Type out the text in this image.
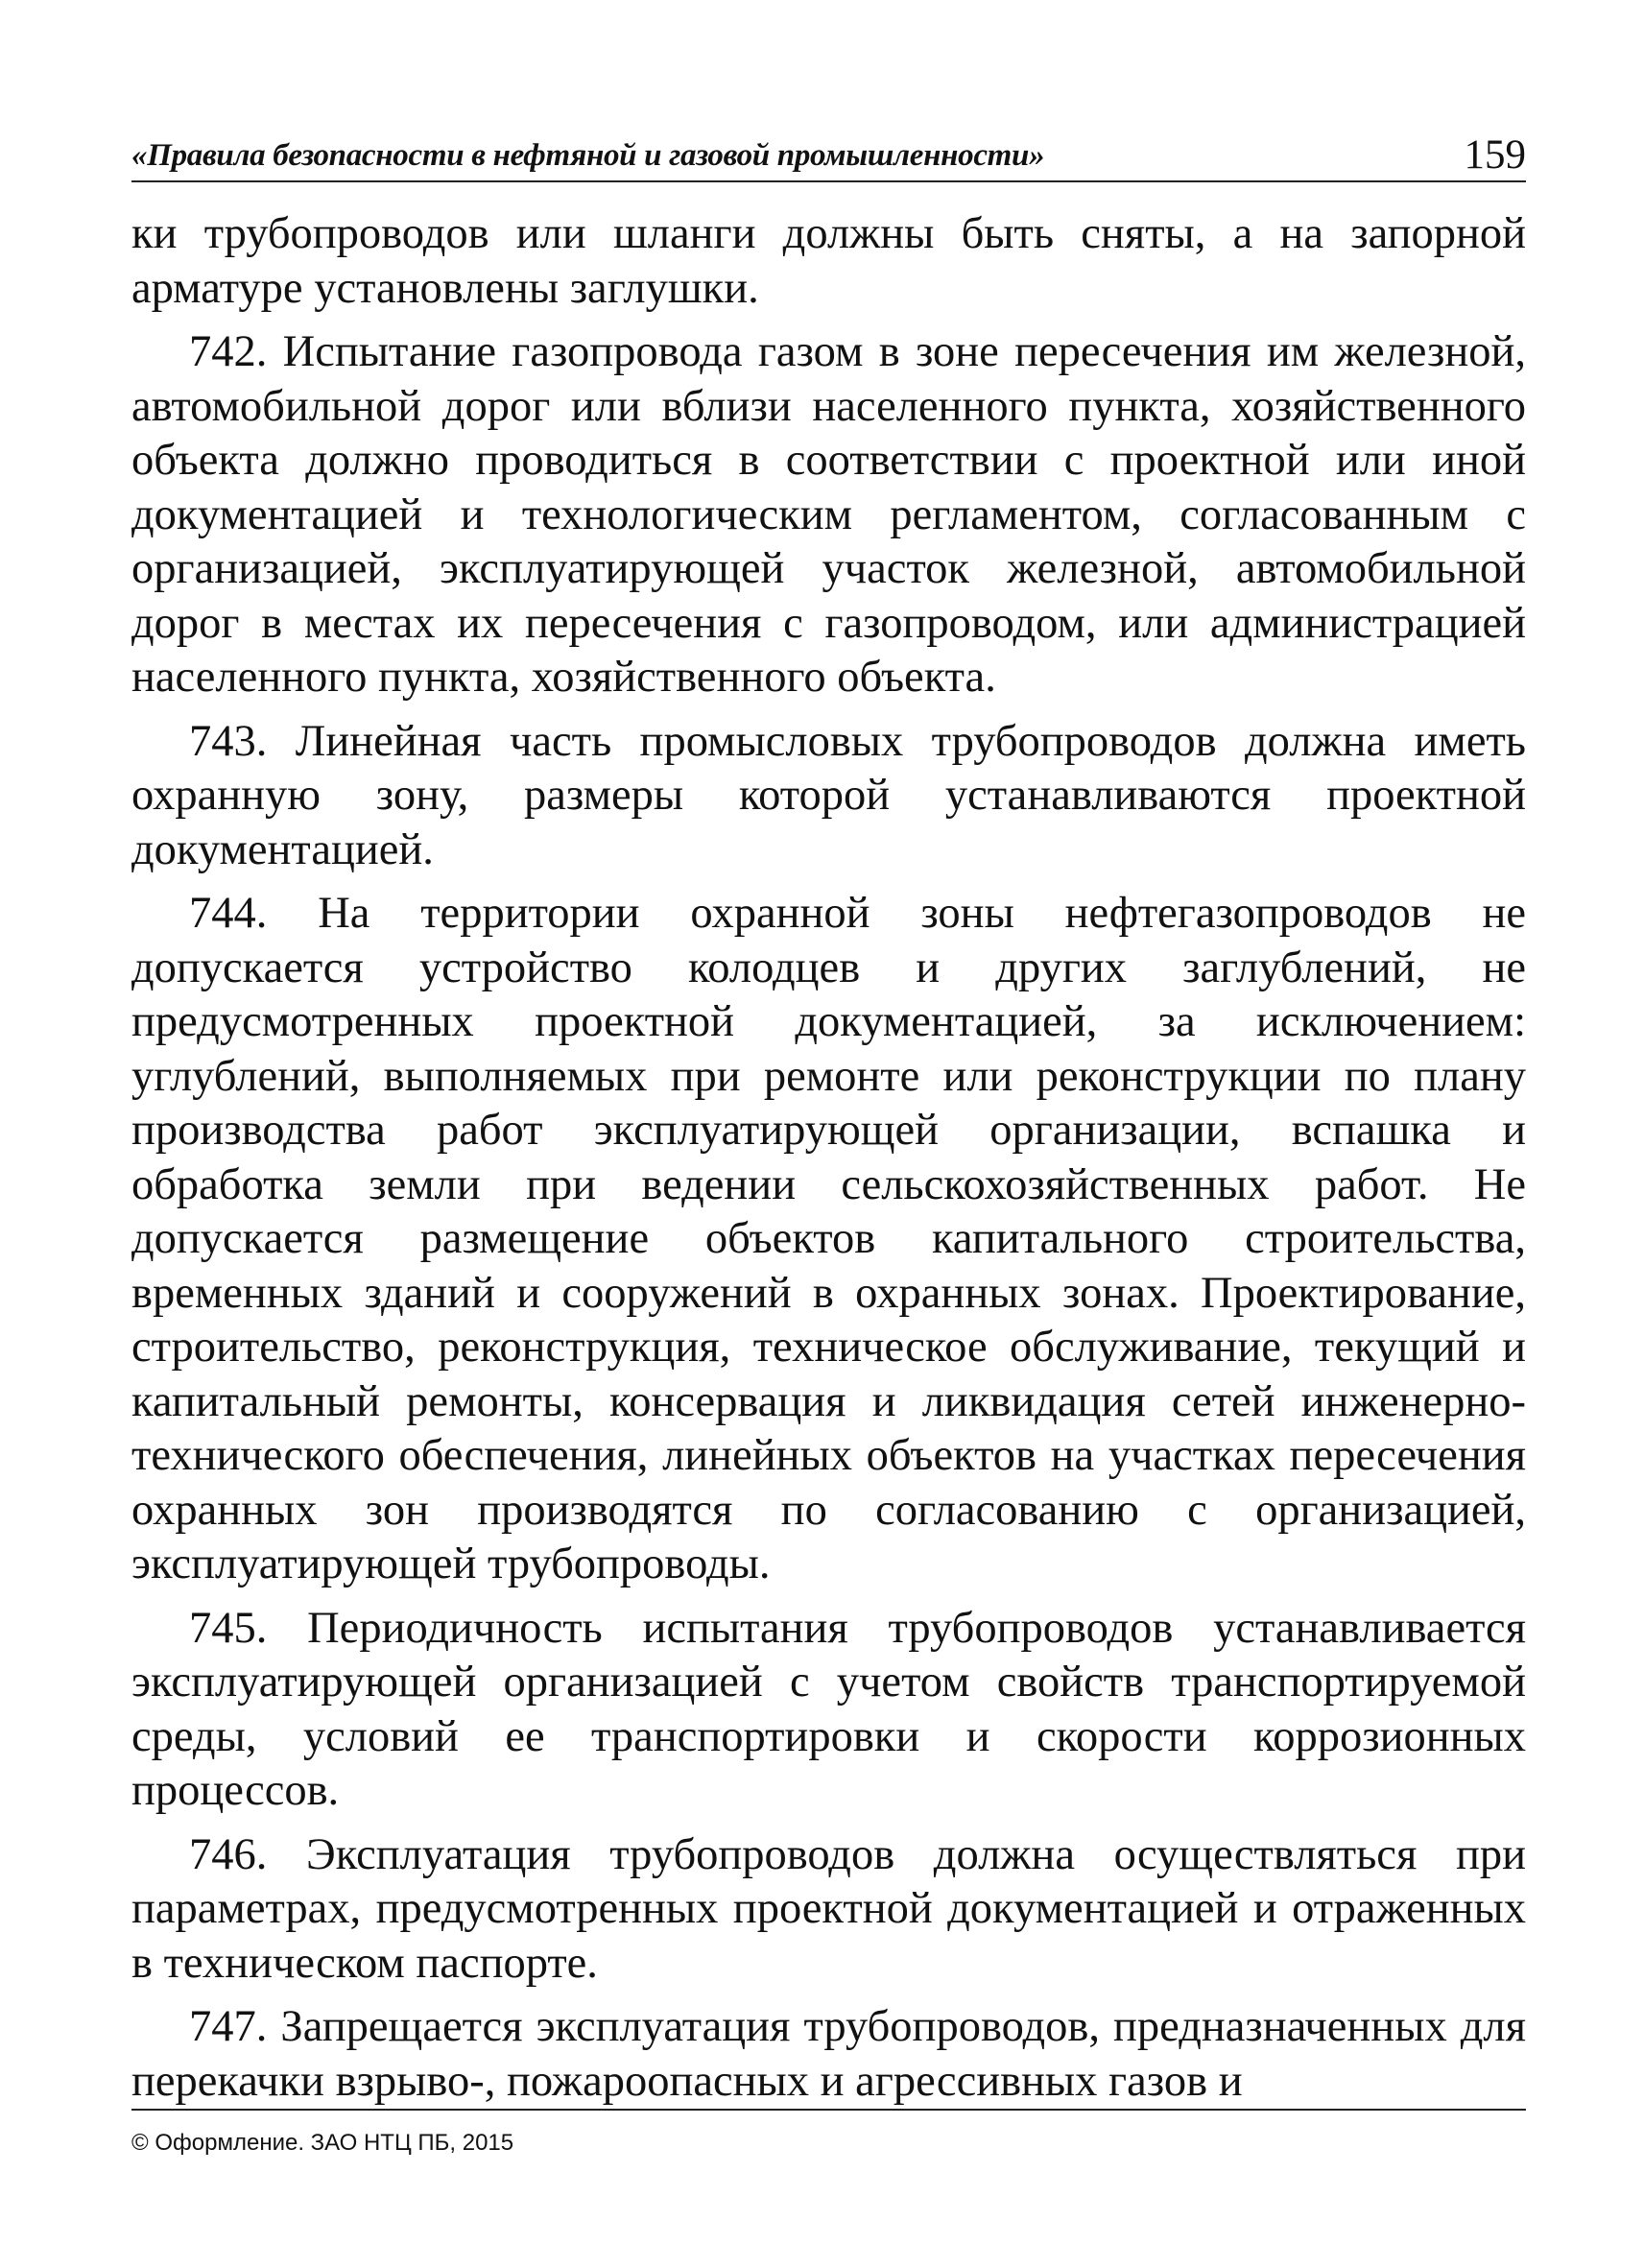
«Правила безопасности в нефтяной и газовой промышленности»	159

ки трубопроводов или шланги должны быть сняты, а на запорной арматуре установлены заглушки.

742. Испытание газопровода газом в зоне пересечения им железной, автомобильной дорог или вблизи населенного пункта, хозяйственного объекта должно проводиться в соответствии с проектной или иной документацией и технологическим регламентом, согласованным с организацией, эксплуатирующей участок железной, автомобильной дорог в местах их пересечения с газопроводом, или администрацией населенного пункта, хозяйственного объекта.

743. Линейная часть промысловых трубопроводов должна иметь охранную зону, размеры которой устанавливаются проектной документацией.

744. На территории охранной зоны нефтегазопроводов не допускается устройство колодцев и других заглублений, не предусмотренных проектной документацией, за исключением: углублений, выполняемых при ремонте или реконструкции по плану производства работ эксплуатирующей организации, вспашка и обработка земли при ведении сельскохозяйственных работ. Не допускается размещение объектов капитального строительства, временных зданий и сооружений в охранных зонах. Проектирование, строительство, реконструкция, техническое обслуживание, текущий и капитальный ремонты, консервация и ликвидация сетей инженерно-технического обеспечения, линейных объектов на участках пересечения охранных зон производятся по согласованию с организацией, эксплуатирующей трубопроводы.

745. Периодичность испытания трубопроводов устанавливается эксплуатирующей организацией с учетом свойств транспортируемой среды, условий ее транспортировки и скорости коррозионных процессов.

746. Эксплуатация трубопроводов должна осуществляться при параметрах, предусмотренных проектной документацией и отраженных в техническом паспорте.

747. Запрещается эксплуатация трубопроводов, предназначенных для перекачки взрыво-, пожароопасных и агрессивных газов и

© Оформление. ЗАО НТЦ ПБ, 2015
